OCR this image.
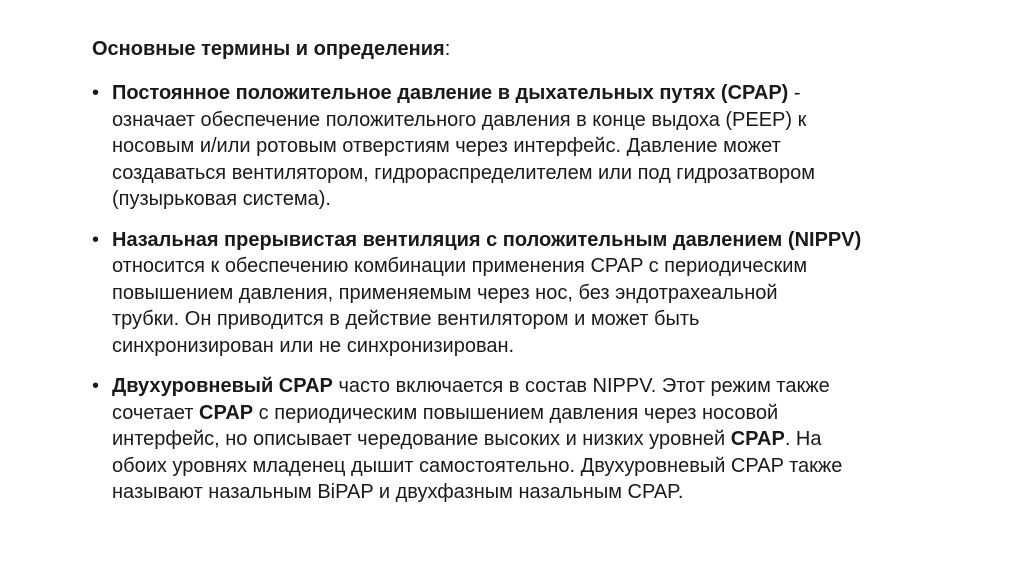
Основные термины и определения:
• Постоянное положительное давление в дыхательных путях (CPAP) -
означает обеспечение положительного давления в конце выдоха (PEEP) к
носовым и/или ротовым отверстиям через интерфейс. Давление может
создаваться вентилятором, гидрораспределителем или под гидрозатвором
(пузырьковая система).
• Назальная прерывистая вентиляция с положительным давлением (NIPPV)
относится к обеспечению комбинации применения CPAP с периодическим
повышением давления, применяемым через нос, без эндотрахеальной
трубки. Он приводится в действие вентилятором и может быть
синхронизирован или не синхронизирован.
• Двухуровневый CPAP часто включается в состав NIPPV. Этот режим также
сочетает CPAP с периодическим повышением давления через носовой
интерфейс, но описывает чередование высоких и низких уровней CPAP. На
обоих уровнях младенец дышит самостоятельно. Двухуровневый CPAP также
называют назальным BiPAP и двухфазным назальным CPAP.
